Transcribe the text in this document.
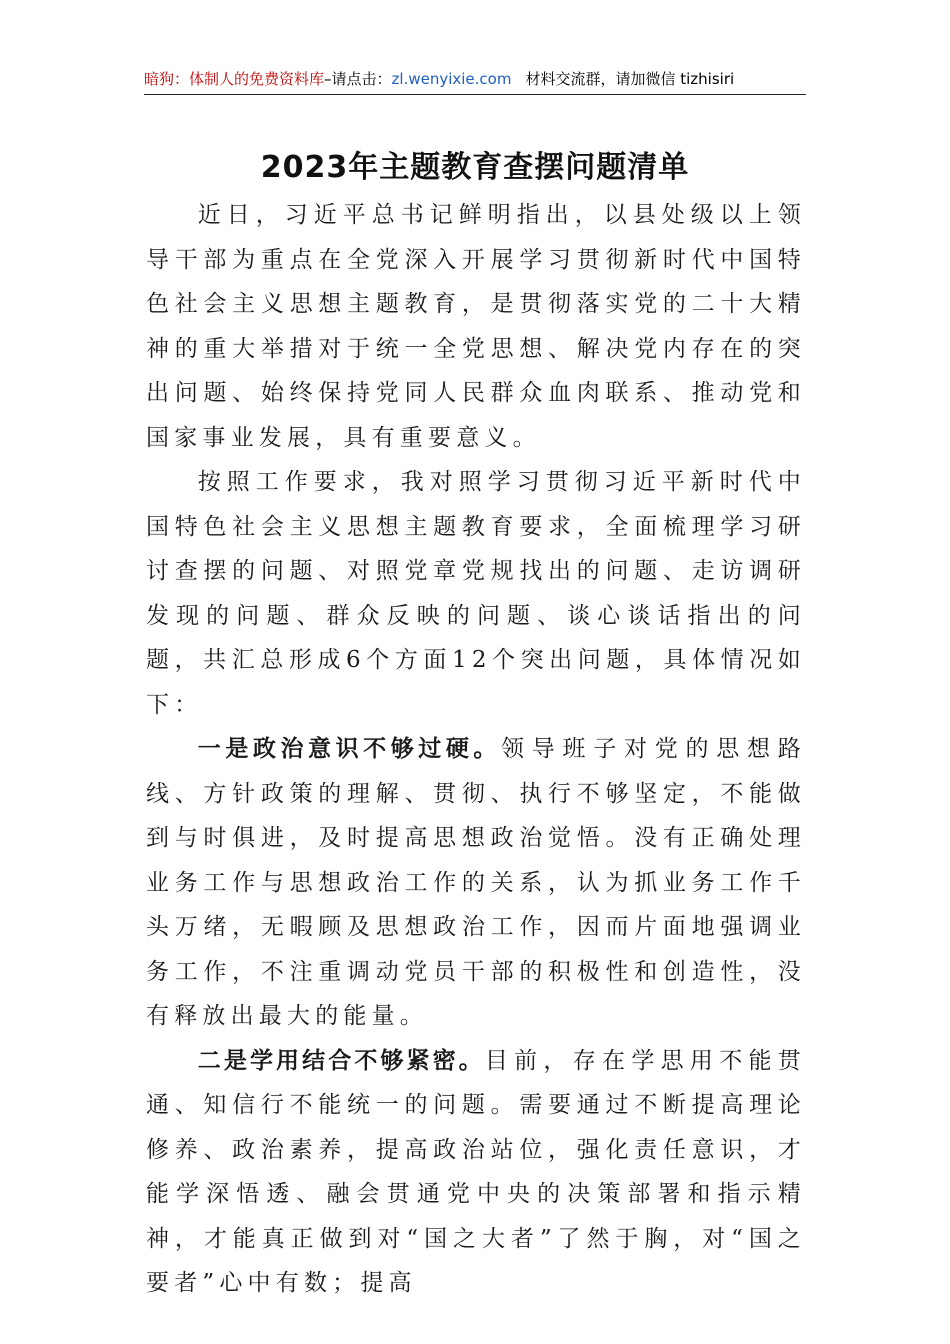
暗狗：体制人的免费资料库–请点击：zl.wenyixie.com 材料交流群，请加微信 tizhisiri
2023年主题教育查摆问题清单

近日，习近平总书记鲜明指出，以县处级以上领导干部为重点在全党深入开展学习贯彻新时代中国特色社会主义思想主题教育，是贯彻落实党的二十大精神的重大举措对于统一全党思想、解决党内存在的突出问题、始终保持党同人民群众血肉联系、推动党和国家事业发展，具有重要意义。

按照工作要求，我对照学习贯彻习近平新时代中国特色社会主义思想主题教育要求，全面梳理学习研讨查摆的问题、对照党章党规找出的问题、走访调研发现的问题、群众反映的问题、谈心谈话指出的问题，共汇总形成6个方面12个突出问题，具体情况如下：

一是政治意识不够过硬。领导班子对党的思想路线、方针政策的理解、贯彻、执行不够坚定，不能做到与时俱进，及时提高思想政治觉悟。没有正确处理业务工作与思想政治工作的关系，认为抓业务工作千头万绪，无暇顾及思想政治工作，因而片面地强调业务工作，不注重调动党员干部的积极性和创造性，没有释放出最大的能量。

二是学用结合不够紧密。目前，存在学思用不能贯通、知信行不能统一的问题。需要通过不断提高理论修养、政治素养，提高政治站位，强化责任意识，才能学深悟透、融会贯通党中央的决策部署和指示精神，才能真正做到对“国之大者”了然于胸，对“国之要者”心中有数；提高
